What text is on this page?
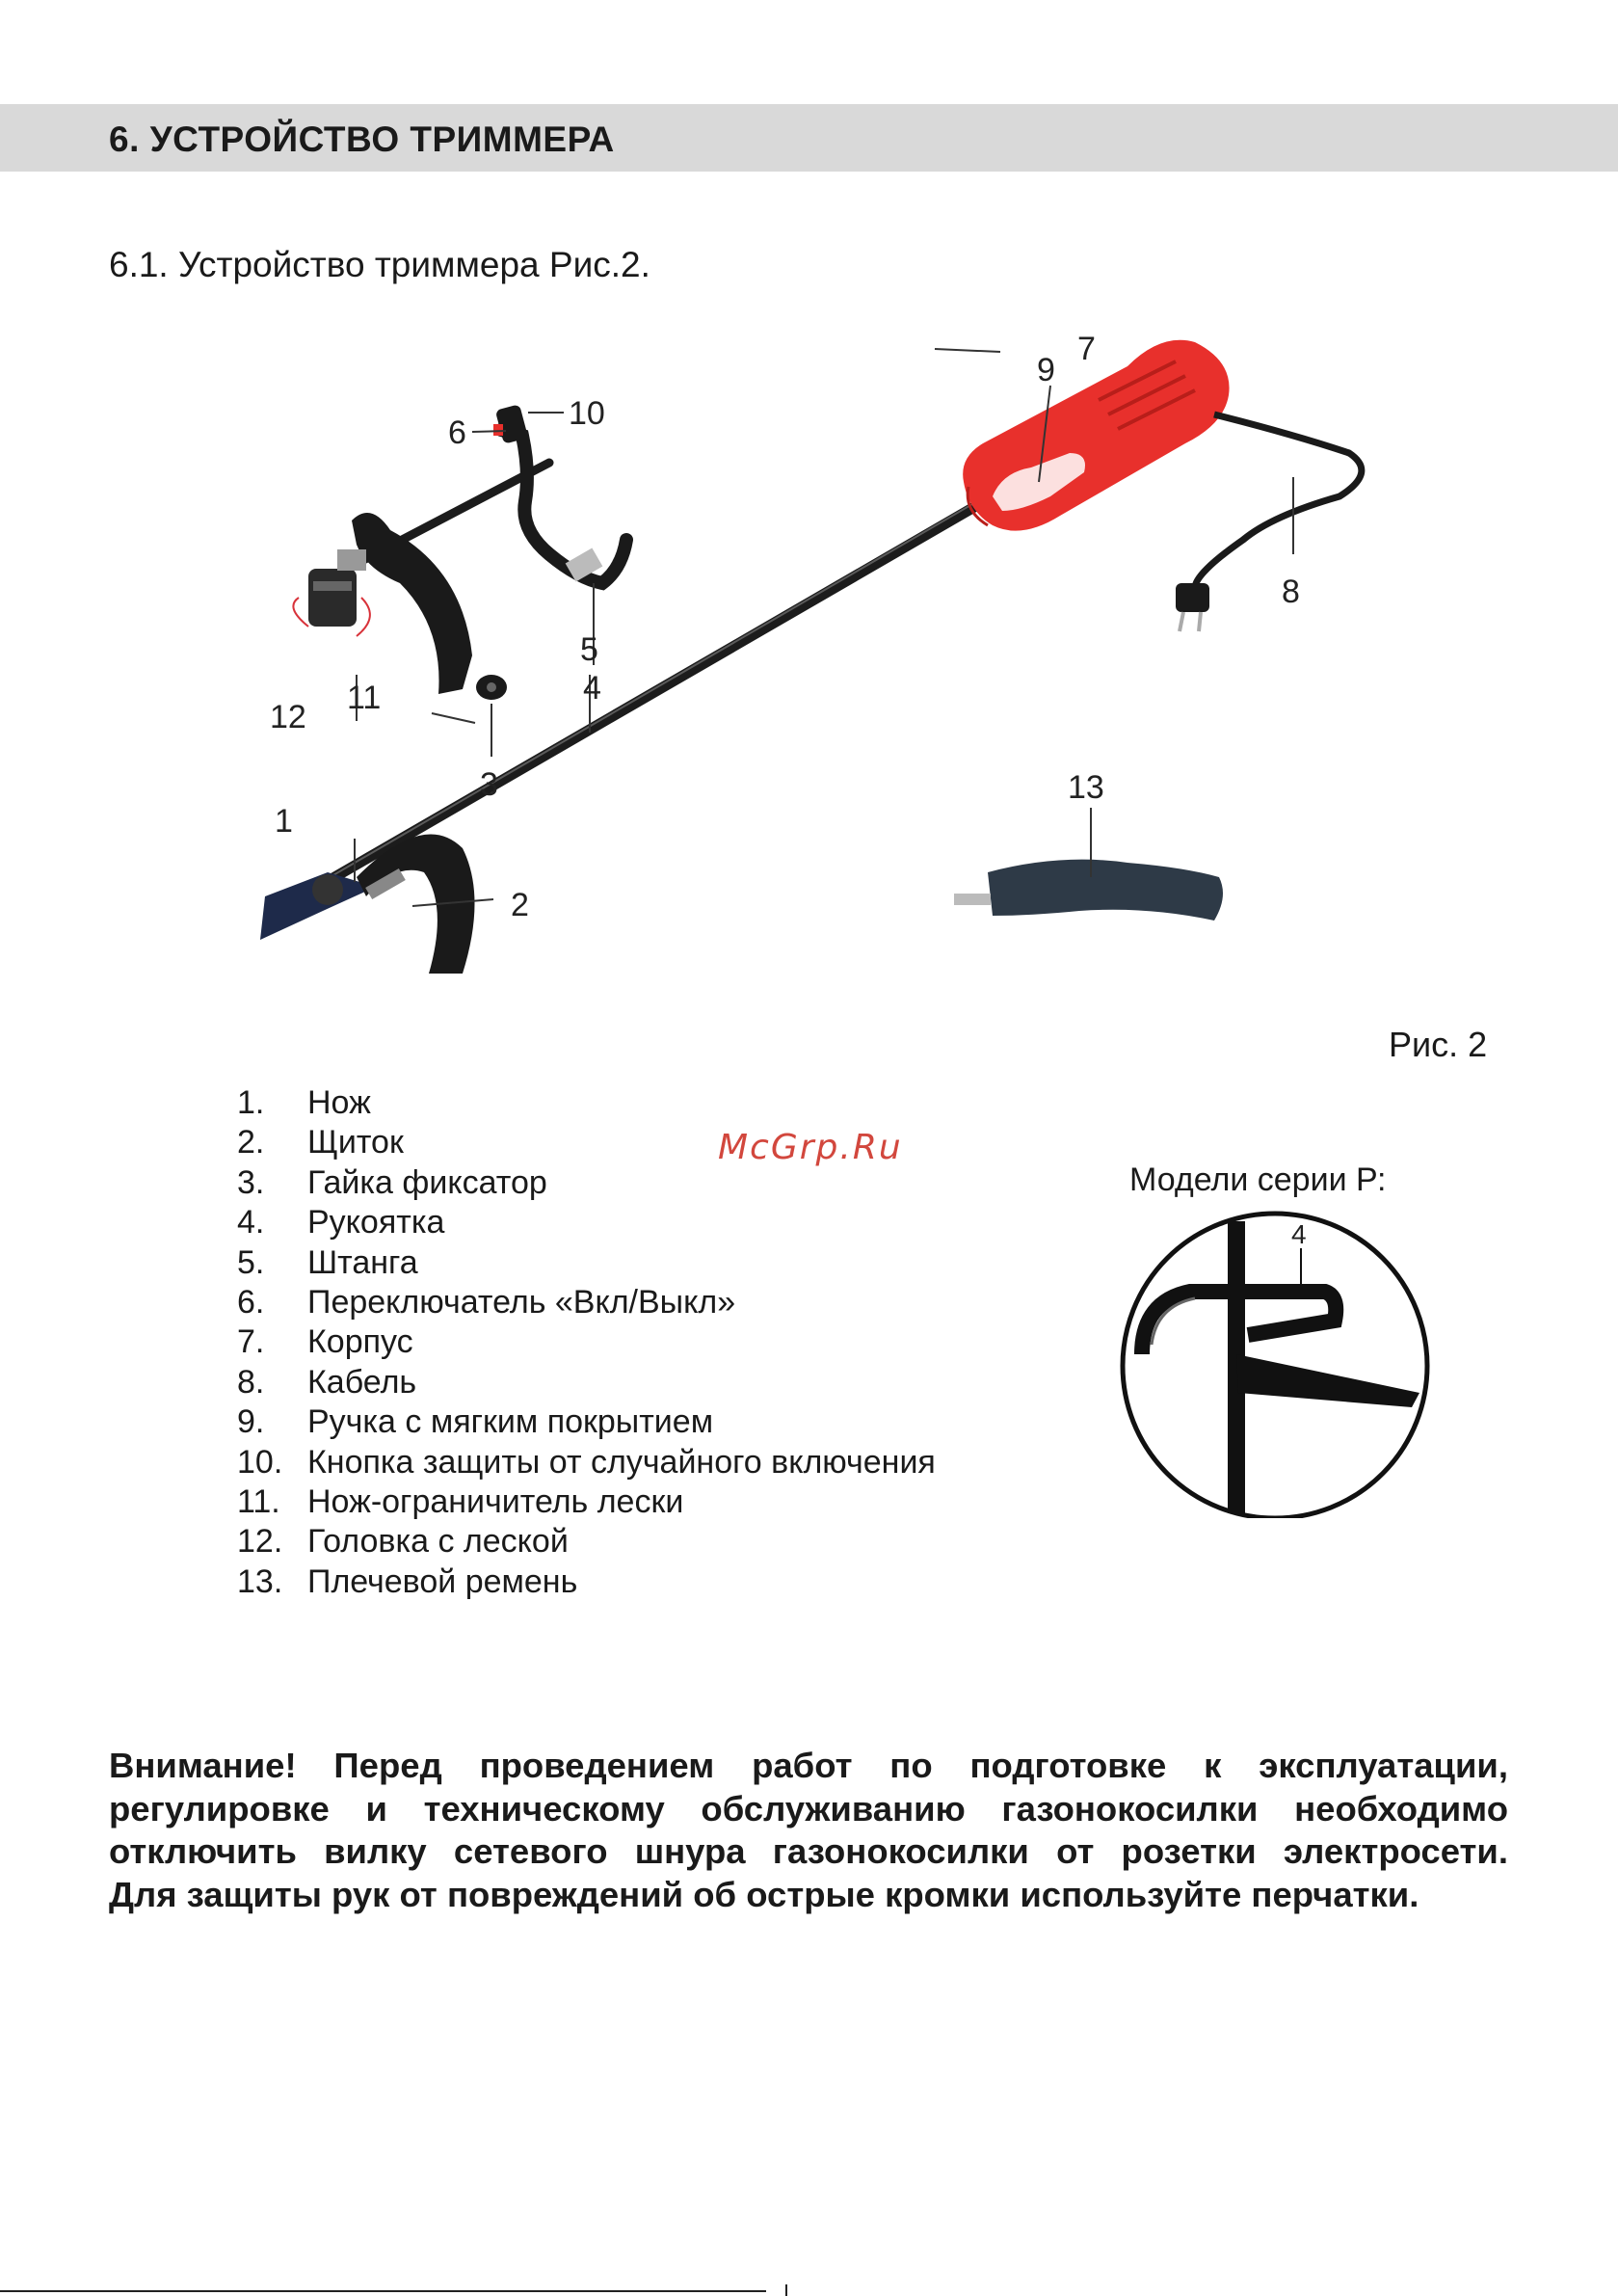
6. УСТРОЙСТВО ТРИММЕРА
6.1. Устройство триммера Рис.2.
7
9
10
6
8
4
5
11
12
3	13
1
2
Рис. 2
1.	Нож
2.	Щиток
3.	Гайка фиксатор
4.	Рукоятка
5.	Штанга
6.	Переключатель «Вкл/Выкл»
7.	Корпус
8.	Кабель
9.	Ручка с мягким покрытием
10. Кнопка защиты от случайного включения
11. Нож-ограничитель лески
12. Головка с леской
13. Плечевой ремень
McGrp.Ru
Модели серии Р:
4
Внимание! Перед проведением работ по подготовке к эксплуатации,
регулировке и техническому обслуживанию газонокосилки необходимо
отключить вилку сетевого шнура газонокосилки от розетки электросети.
Для защиты рук от повреждений об острые кромки используйте перчатки.
